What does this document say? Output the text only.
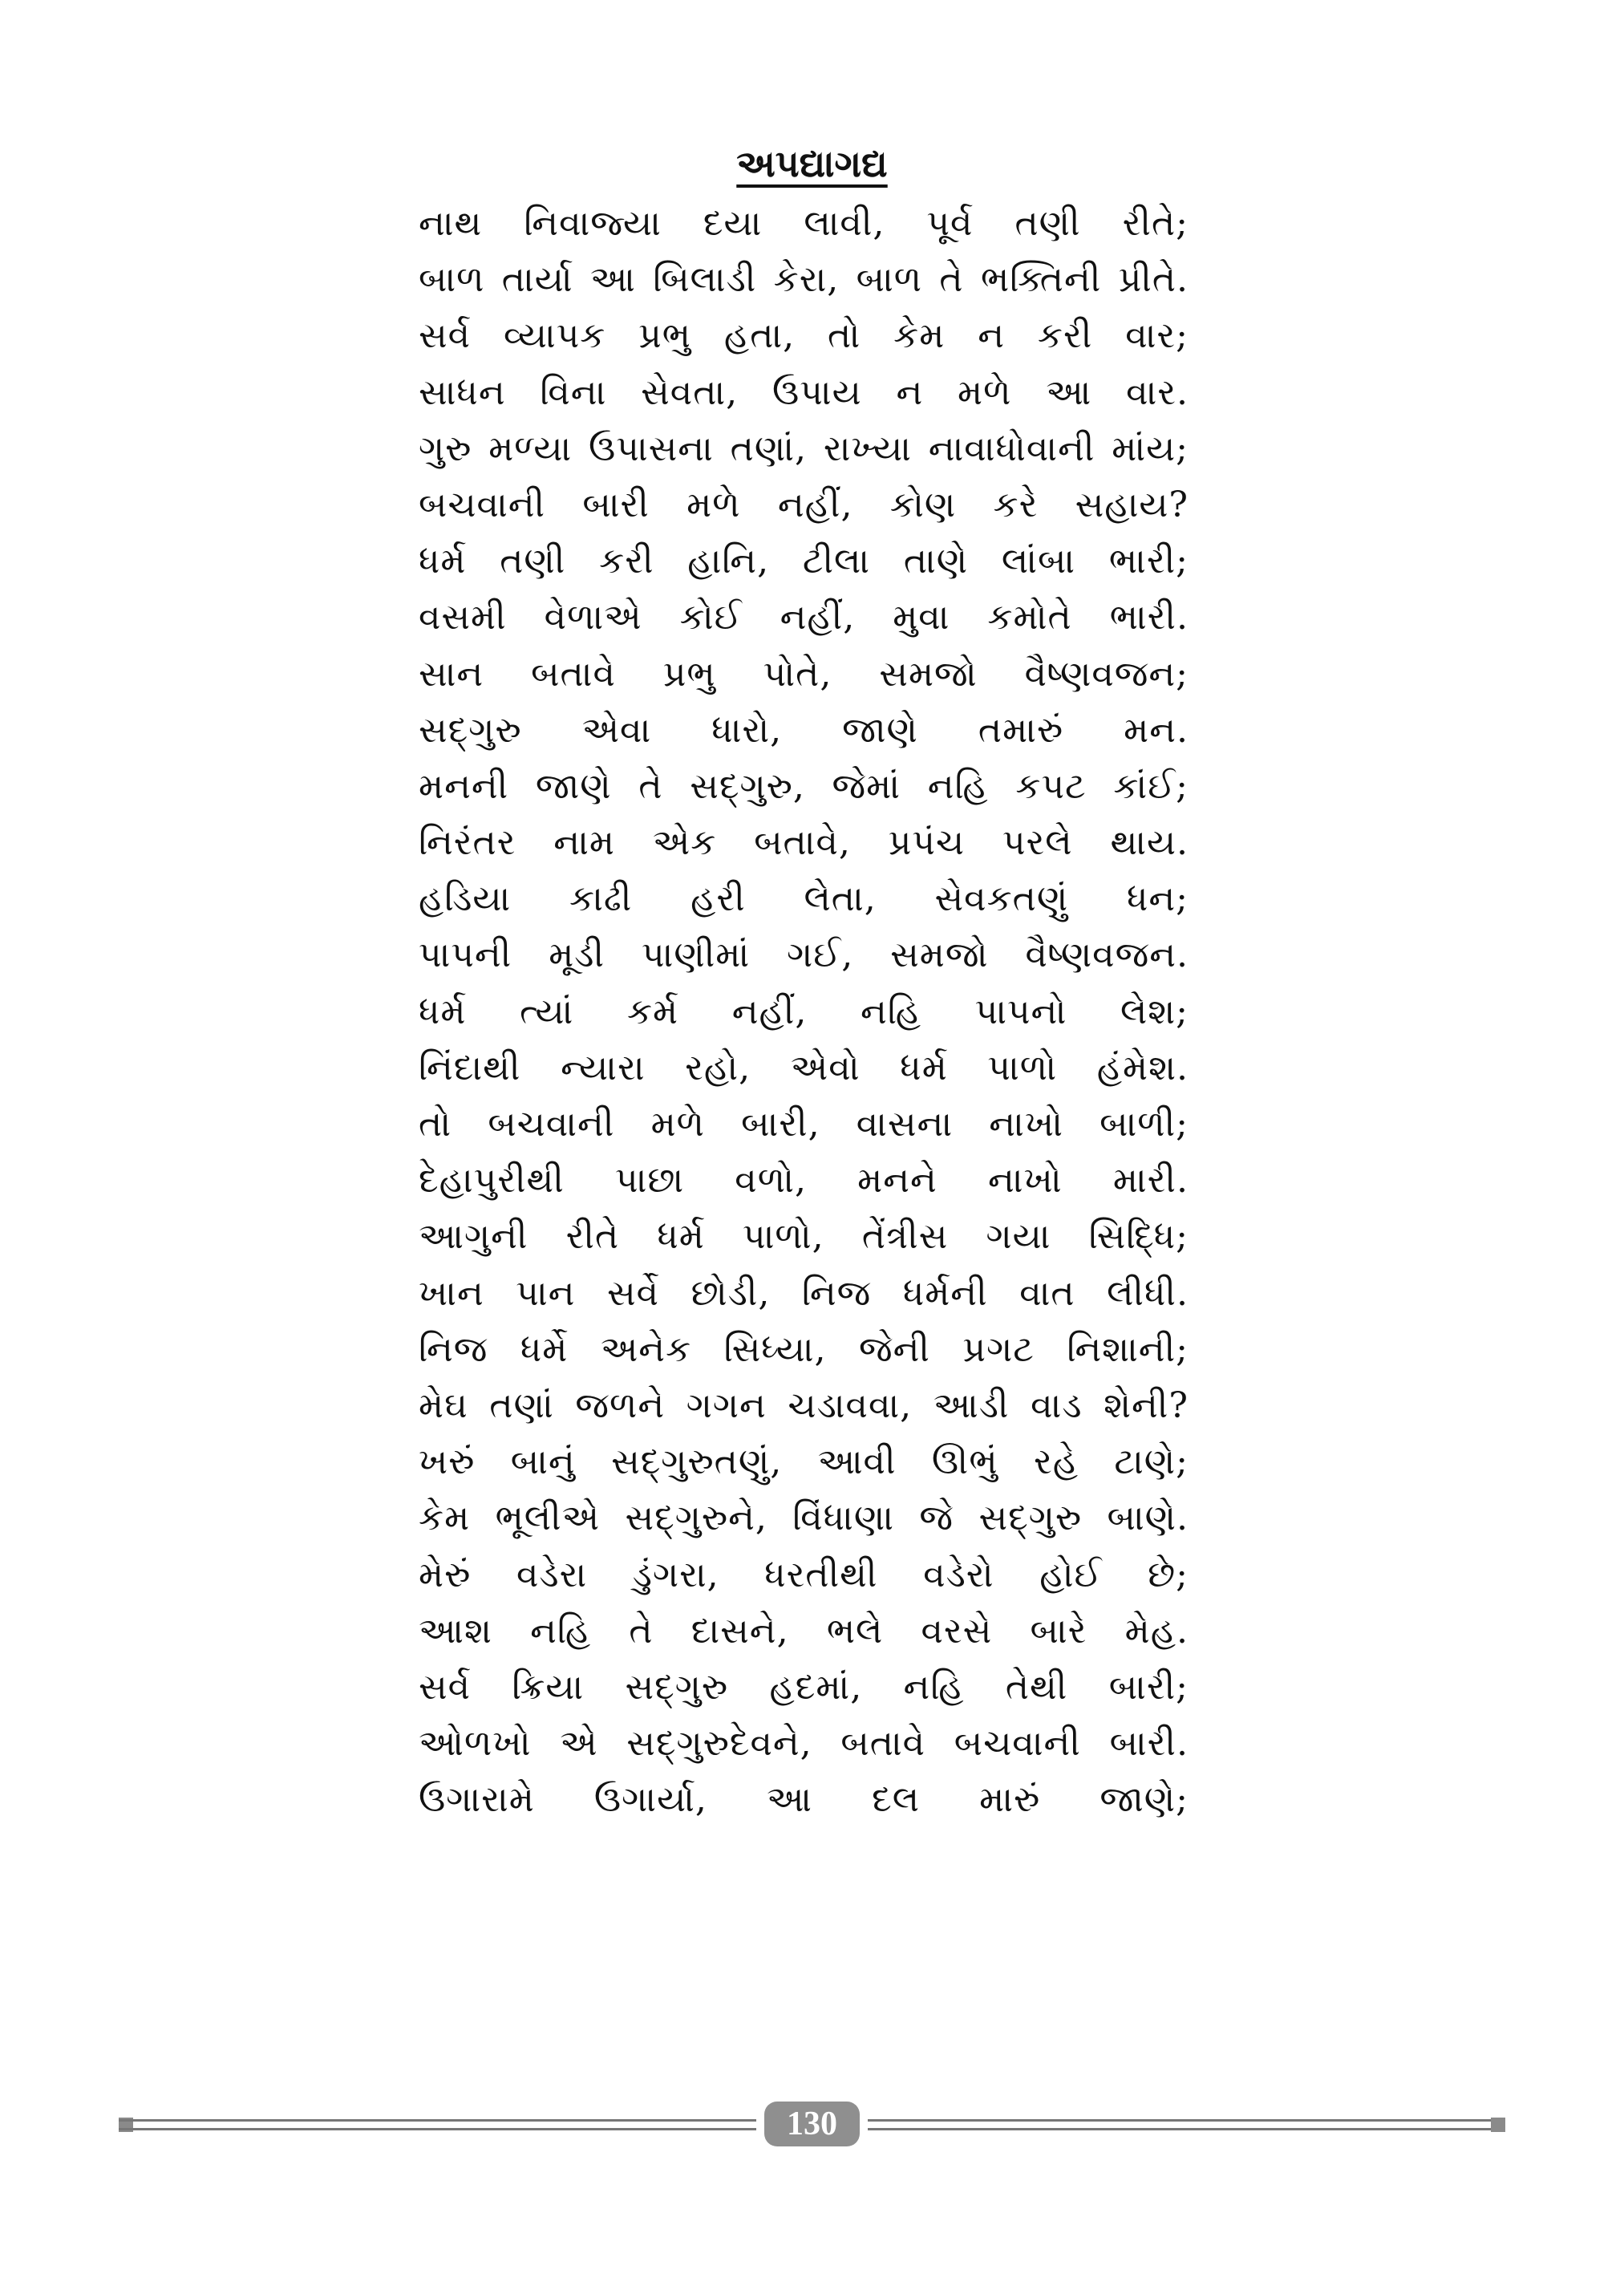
અપદ્યાગદ્ય
નાથ નિવાજ્યા દયા લાવી, પૂર્વ તણી રીતે;
બાળ તાર્યા આ બિલાડી કેરા, બાળ તે ભક્તિની પ્રીતે.
સર્વ વ્યાપક પ્રભુ હતા, તો કેમ ન કરી વાર;
સાધન વિના સેવતા, ઉપાય ન મળે આ વાર.
ગુરુ મળ્યા ઉપાસના તણાં, રાખ્યા નાવાધોવાની માંય;
બચવાની બારી મળે નહીં, કોણ કરે સહાય?
ધર્મ તણી કરી હાનિ, ટીલા તાણે લાંબા ભારી;
વસમી વેળાએ કોઈ નહીં, મુવા કમોતે ભારી.
સાન બતાવે પ્રભુ પોતે, સમજો વૈષ્ણવજન;
સદ્‌ગુરુ એવા ધારો, જાણે તમારું મન.
મનની જાણે તે સદ્‌ગુરુ, જેમાં નહિ કપટ કાંઈ;
નિરંતર નામ એક બતાવે, પ્રપંચ પરલે થાય.
હડિયા કાઢી હરી લેતા, સેવકતણું ધન;
પાપની મૂડી પાણીમાં ગઈ, સમજો વૈષ્ણવજન.
ધર્મ ત્યાં કર્મ નહીં, નહિ પાપનો લેશ;
નિંદાથી ન્યારા રહો, એવો ધર્મ પાળો હંમેશ.
તો બચવાની મળે બારી, વાસના નાખો બાળી;
દેહાપુરીથી પાછા વળો, મનને નાખો મારી.
આગુની રીતે ધર્મ પાળો, તેંત્રીસ ગયા સિદ્ધિ;
ખાન પાન સર્વે છોડી, નિજ ધર્મની વાત લીધી.
નિજ ધર્મે અનેક સિધ્યા, જેની પ્રગટ નિશાની;
મેઘ તણાં જળને ગગન ચડાવવા, આડી વાડ શેની?
ખરું બાનું સદ્‌ગુરુતણું, આવી ઊભું રહે ટાણે;
કેમ ભૂલીએ સદ્‌ગુરુને, વિંધાણા જે સદ્‌ગુરુ બાણે.
મેરું વડેરા ડુંગરા, ધરતીથી વડેરો હોઈ છે;
આશ નહિ તે દાસને, ભલે વરસે બારે મેહ.
સર્વ ક્રિયા સદ્‌ગુરુ હદમાં, નહિ તેથી બારી;
ઓળખો એ સદ્‌ગુરુદેવને, બતાવે બચવાની બારી.
ઉગારામે ઉગાર્યા, આ દલ મારું જાણે;
130
